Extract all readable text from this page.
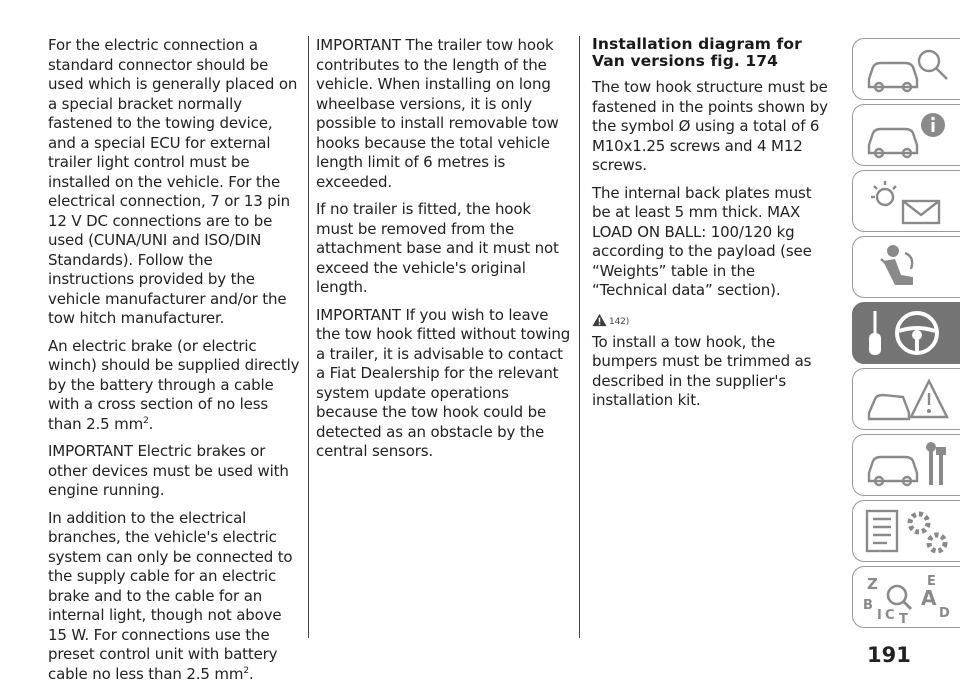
For the electric connection a standard connector should be used which is generally placed on a special bracket normally fastened to the towing device, and a special ECU for external trailer light control must be installed on the vehicle. For the electrical connection, 7 or 13 pin 12 V DC connections are to be used (CUNA/UNI and ISO/DIN Standards). Follow the instructions provided by the vehicle manufacturer and/or the tow hitch manufacturer.

An electric brake (or electric winch) should be supplied directly by the battery through a cable with a cross section of no less than 2.5 $mm^2$.

IMPORTANT Electric brakes or other devices must be used with engine running.

In addition to the electrical branches, the vehicle's electric system can only be connected to the supply cable for an electric brake and to the cable for an internal light, though not above 15 W. For connections use the preset control unit with battery cable no less than 2.5 $mm^2$.

IMPORTANT The trailer tow hook contributes to the length of the vehicle. When installing on long wheelbase versions, it is only possible to install removable tow hooks because the total vehicle length limit of 6 metres is exceeded.

If no trailer is fitted, the hook must be removed from the attachment base and it must not exceed the vehicle's original length.

IMPORTANT If you wish to leave the tow hook fitted without towing a trailer, it is advisable to contact a Fiat Dealership for the relevant system update operations because the tow hook could be detected as an obstacle by the central sensors.

Installation diagram for Van versions fig. 174

The tow hook structure must be fastened in the points shown by the symbol Ø using a total of 6 M10x1.25 screws and 4 M12 screws.

The internal back plates must be at least 5 mm thick. MAX LOAD ON BALL: 100/120 kg according to the payload (see “Weights” table in the “Technical data” section).

142)

To install a tow hook, the bumpers must be trimmed as described in the supplier's installation kit.

Z	E
B A
D
I C T
191
